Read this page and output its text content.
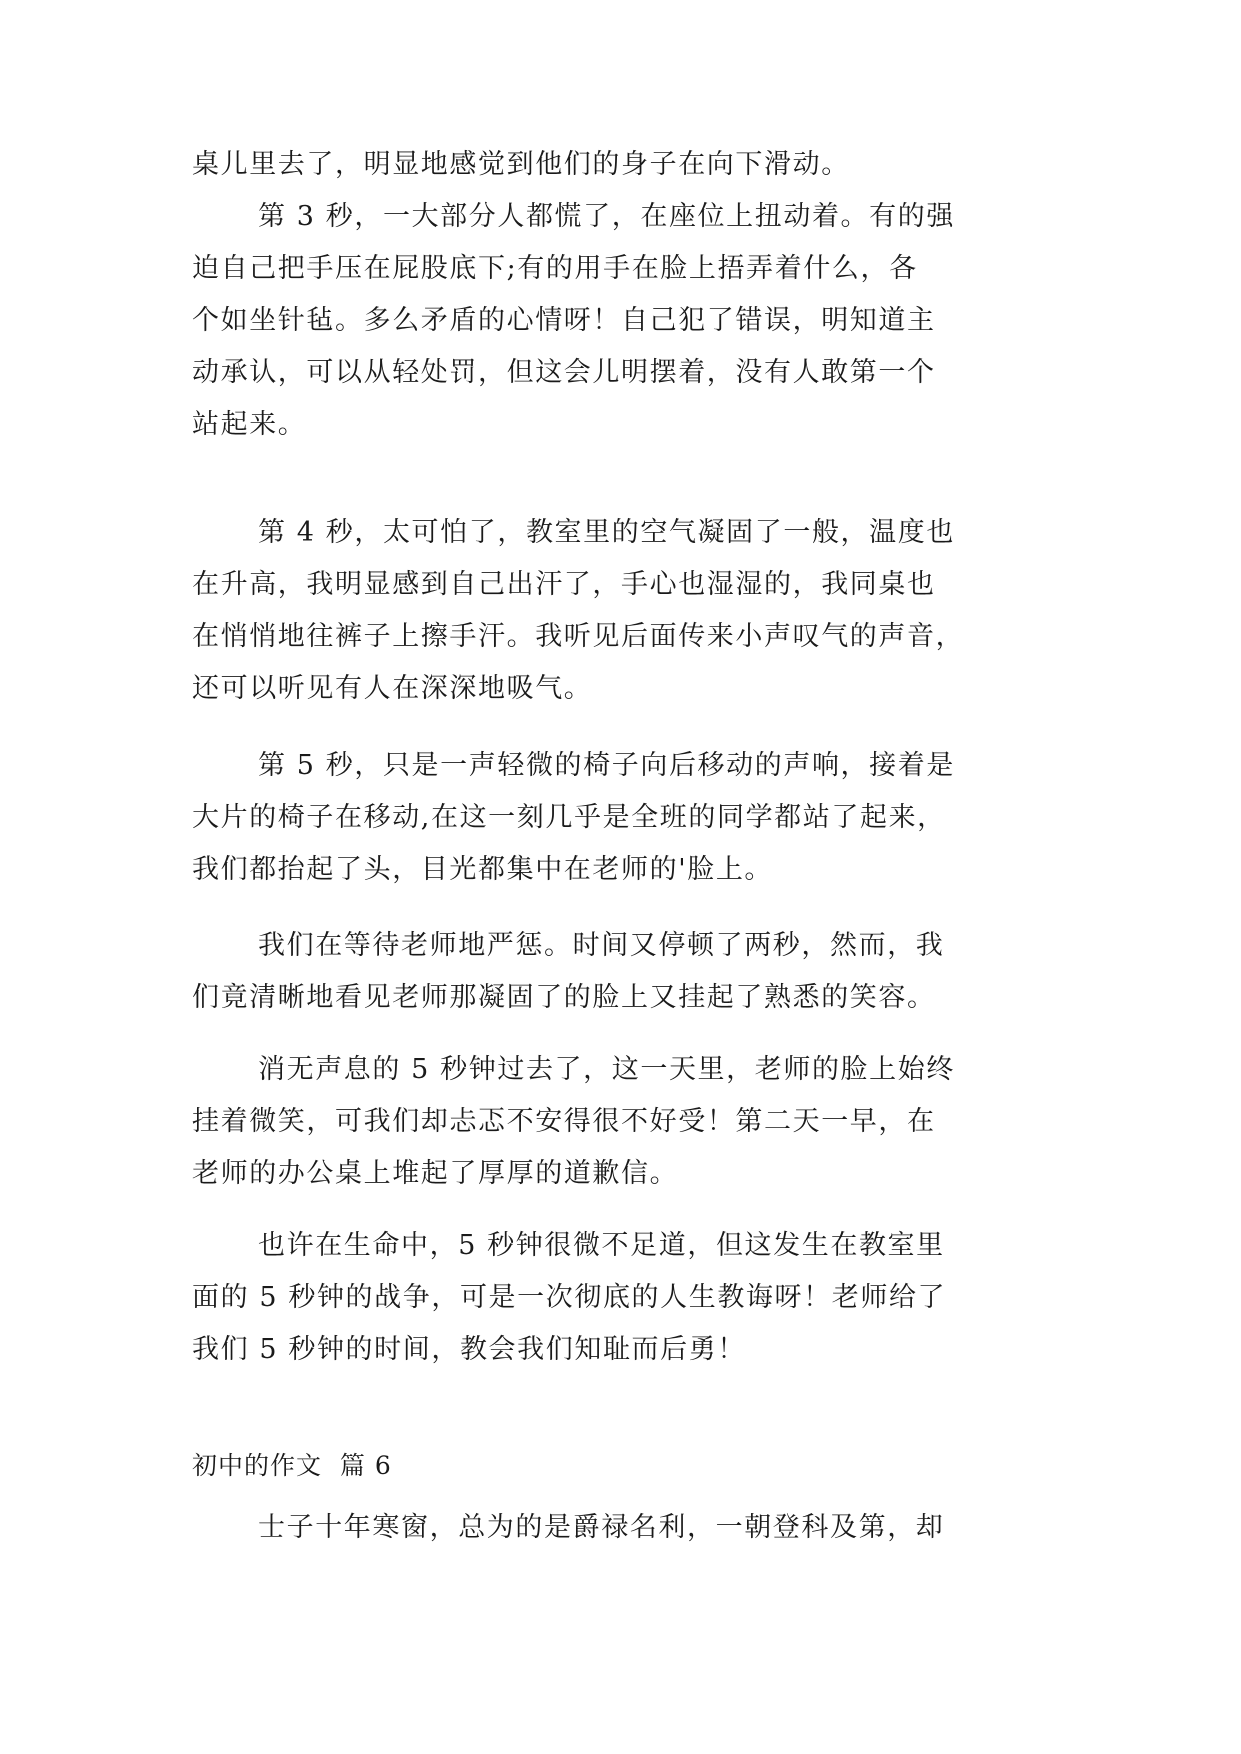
桌儿里去了，明显地感觉到他们的身子在向下滑动。
第 3 秒，一大部分人都慌了，在座位上扭动着。有的强
迫自己把手压在屁股底下;有的用手在脸上捂弄着什么，各
个如坐针毡。多么矛盾的心情呀！自己犯了错误，明知道主
动承认，可以从轻处罚，但这会儿明摆着，没有人敢第一个
站起来。
第 4 秒，太可怕了，教室里的空气凝固了一般，温度也
在升高，我明显感到自己出汗了，手心也湿湿的，我同桌也
在悄悄地往裤子上擦手汗。我听见后面传来小声叹气的声音，
还可以听见有人在深深地吸气。
第 5 秒，只是一声轻微的椅子向后移动的声响，接着是
大片的椅子在移动,在这一刻几乎是全班的同学都站了起来，
我们都抬起了头，目光都集中在老师的'脸上。
我们在等待老师地严惩。时间又停顿了两秒，然而，我
们竟清晰地看见老师那凝固了的脸上又挂起了熟悉的笑容。
消无声息的 5 秒钟过去了，这一天里，老师的脸上始终
挂着微笑，可我们却忐忑不安得很不好受！第二天一早，在
老师的办公桌上堆起了厚厚的道歉信。
也许在生命中，5 秒钟很微不足道，但这发生在教室里
面的 5 秒钟的战争，可是一次彻底的人生教诲呀！老师给了
我们 5 秒钟的时间，教会我们知耻而后勇！
初中的作文  篇 6
士子十年寒窗，总为的是爵禄名利，一朝登科及第，却
